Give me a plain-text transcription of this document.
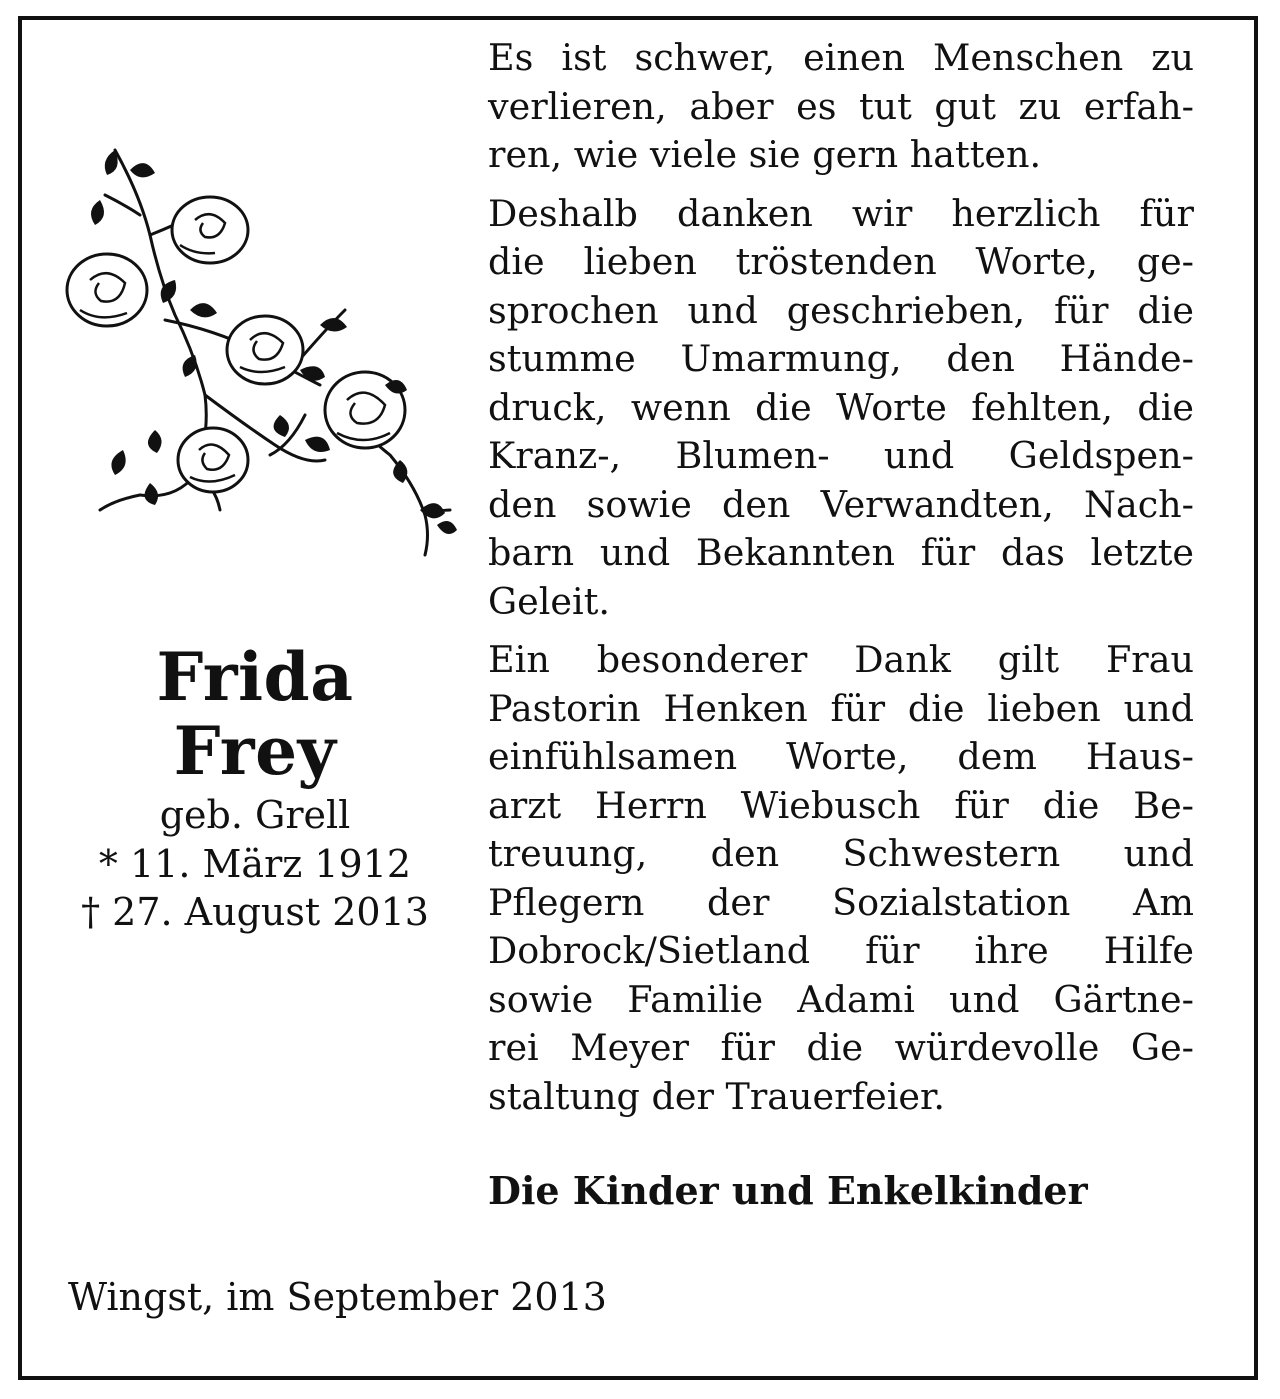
Frida
Frey
geb. Grell
* 11. März 1912
† 27. August 2013
Es ist schwer, einen Menschen zu
verlieren, aber es tut gut zu erfah-
ren, wie viele sie gern hatten.
Deshalb danken wir herzlich für
die lieben tröstenden Worte, ge-
sprochen und geschrieben, für die
stumme Umarmung, den Hände-
druck, wenn die Worte fehlten, die
Kranz-, Blumen- und Geldspen-
den sowie den Verwandten, Nach-
barn und Bekannten für das letzte
Geleit.
Ein besonderer Dank gilt Frau
Pastorin Henken für die lieben und
einfühlsamen Worte, dem Haus-
arzt Herrn Wiebusch für die Be-
treuung, den Schwestern und
Pflegern der Sozialstation Am
Dobrock/Sietland für ihre Hilfe
sowie Familie Adami und Gärtne-
rei Meyer für die würdevolle Ge-
staltung der Trauerfeier.
Die Kinder und Enkelkinder
Wingst, im September 2013
